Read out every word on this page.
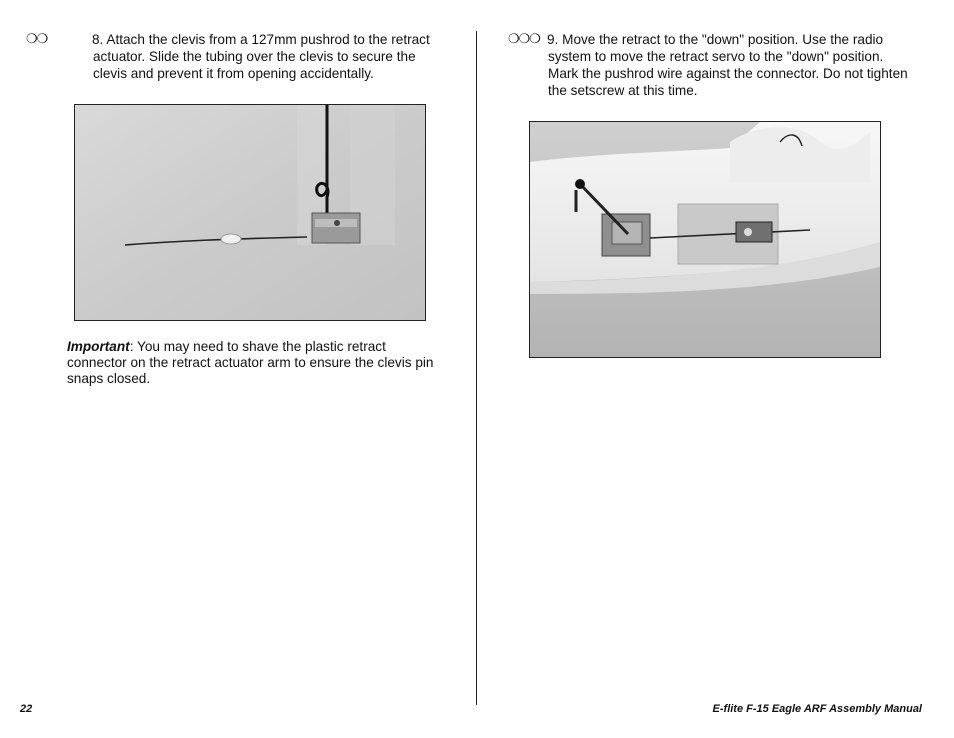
❍❍	8. Attach the clevis from a 127mm pushrod to the retract actuator. Slide the tubing over the clevis to secure the clevis and prevent it from opening accidentally.
Important: You may need to shave the plastic retract connector on the retract actuator arm to ensure the clevis pin snaps closed.
❍❍❍ 9. Move the retract to the "down" position. Use the radio system to move the retract servo to the "down" position. Mark the pushrod wire against the connector. Do not tighten the setscrew at this time.
22	E-flite F-15 Eagle ARF Assembly Manual
